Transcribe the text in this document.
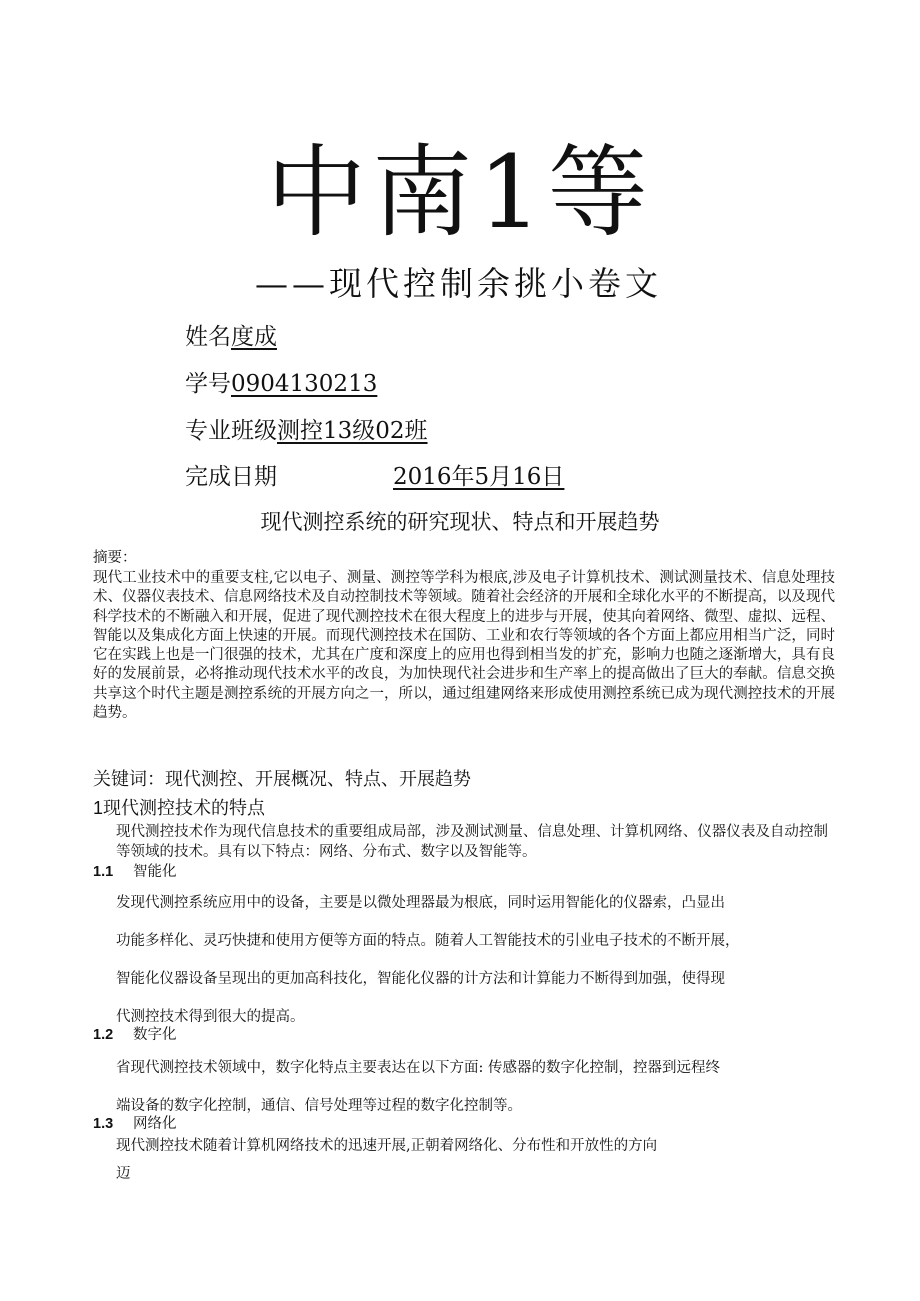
中南1等
——现代控制余挑小卷文
姓名度成
学号0904130213
专业班级测控13级02班
完成日期	2016年5月16日
现代测控系统的研究现状、特点和开展趋势
摘要：
现代工业技术中的重要支柱,它以电子、测量、测控等学科为根底,涉及电子计算机技术、测试测量技术、信息处理技术、仪器仪表技术、信息网络技术及自动控制技术等领域。随着社会经济的开展和全球化水平的不断提高，以及现代科学技术的不断融入和开展，促进了现代测控技术在很大程度上的进步与开展，使其向着网络、微型、虚拟、远程、智能以及集成化方面上快速的开展。而现代测控技术在国防、工业和农行等领域的各个方面上都应用相当广泛，同时它在实践上也是一门很强的技术，尤其在广度和深度上的应用也得到相当发的扩充，影响力也随之逐渐增大，具有良好的发展前景，必将推动现代技术水平的改良，为加快现代社会进步和生产率上的提高做出了巨大的奉献。信息交换共享这个时代主题是测控系统的开展方向之一，所以，通过组建网络来形成使用测控系统已成为现代测控技术的开展趋势。
关键词：现代测控、开展概况、特点、开展趋势
1现代测控技术的特点
现代测控技术作为现代信息技术的重要组成局部，涉及测试测量、信息处理、计算机网络、仪器仪表及自动控制等领域的技术。具有以下特点：网络、分布式、数字以及智能等。
1.1 智能化
发现代测控系统应用中的设备，主要是以微处理器最为根底，同时运用智能化的仪器索，凸显出
功能多样化、灵巧快捷和使用方便等方面的特点。随着人工智能技术的引业电子技术的不断开展，
智能化仪器设备呈现出的更加高科技化，智能化仪器的计方法和计算能力不断得到加强，使得现
代测控技术得到很大的提高。
1.2 数字化
省现代测控技术领域中，数字化特点主要表达在以下方面: 传感器的数字化控制，控器到远程终
端设备的数字化控制，通信、信号处理等过程的数字化控制等。
1.3 网络化
现代测控技术随着计算机网络技术的迅速开展,正朝着网络化、分布性和开放性的方向
迈
